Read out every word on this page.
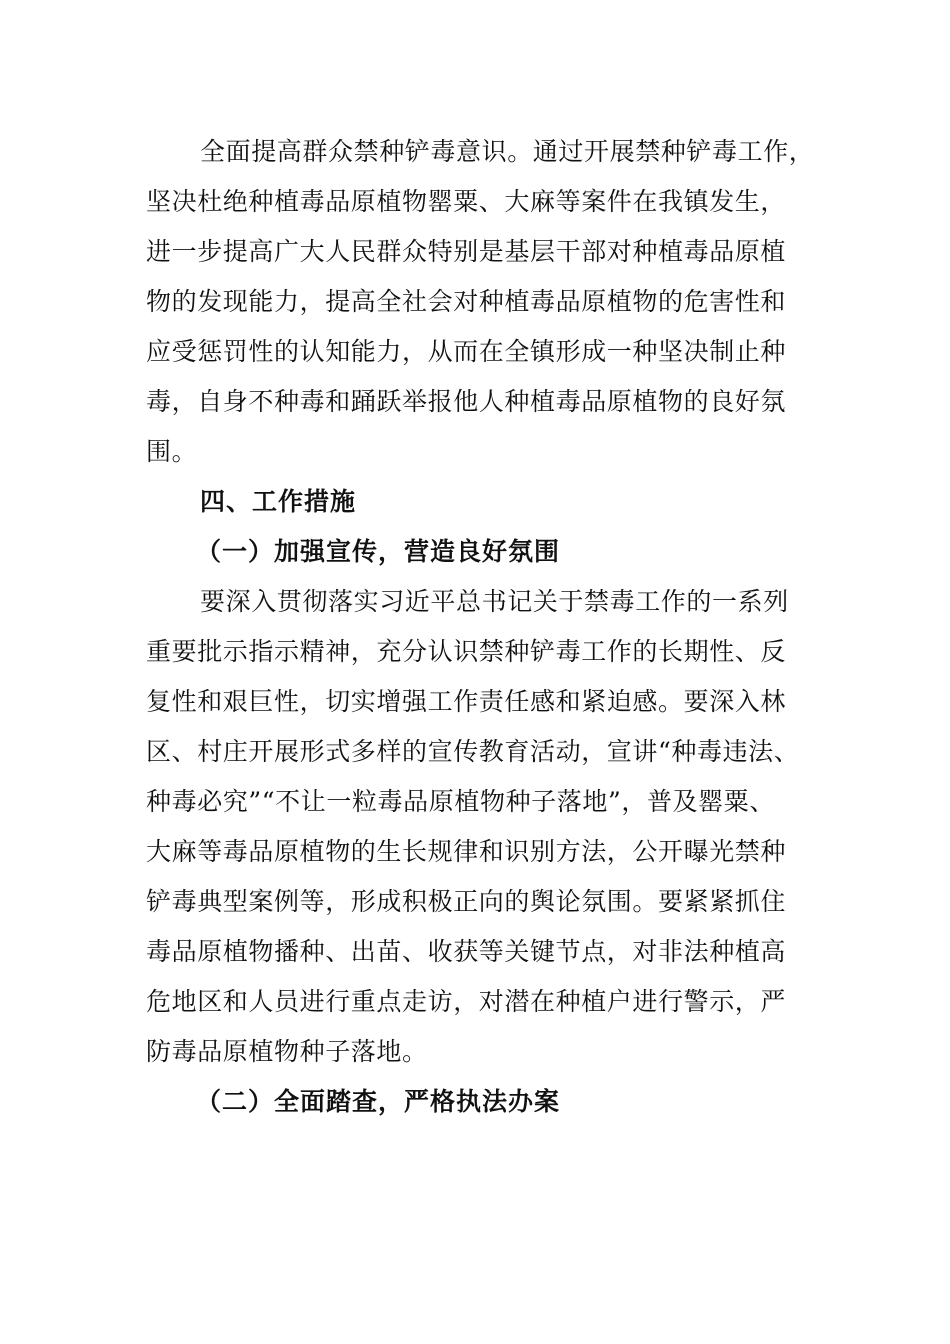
全面提高群众禁种铲毒意识。通过开展禁种铲毒工作，
坚决杜绝种植毒品原植物罂粟、大麻等案件在我镇发生，
进一步提高广大人民群众特别是基层干部对种植毒品原植
物的发现能力，提高全社会对种植毒品原植物的危害性和
应受惩罚性的认知能力，从而在全镇形成一种坚决制止种
毒，自身不种毒和踊跃举报他人种植毒品原植物的良好氛
围。
四、工作措施
（一）加强宣传，营造良好氛围
要深入贯彻落实习近平总书记关于禁毒工作的一系列
重要批示指示精神，充分认识禁种铲毒工作的长期性、反
复性和艰巨性，切实增强工作责任感和紧迫感。要深入林
区、村庄开展形式多样的宣传教育活动，宣讲“种毒违法、
种毒必究”“不让一粒毒品原植物种子落地”，普及罂粟、
大麻等毒品原植物的生长规律和识别方法，公开曝光禁种
铲毒典型案例等，形成积极正向的舆论氛围。要紧紧抓住
毒品原植物播种、出苗、收获等关键节点，对非法种植高
危地区和人员进行重点走访，对潜在种植户进行警示，严
防毒品原植物种子落地。
（二）全面踏查，严格执法办案
